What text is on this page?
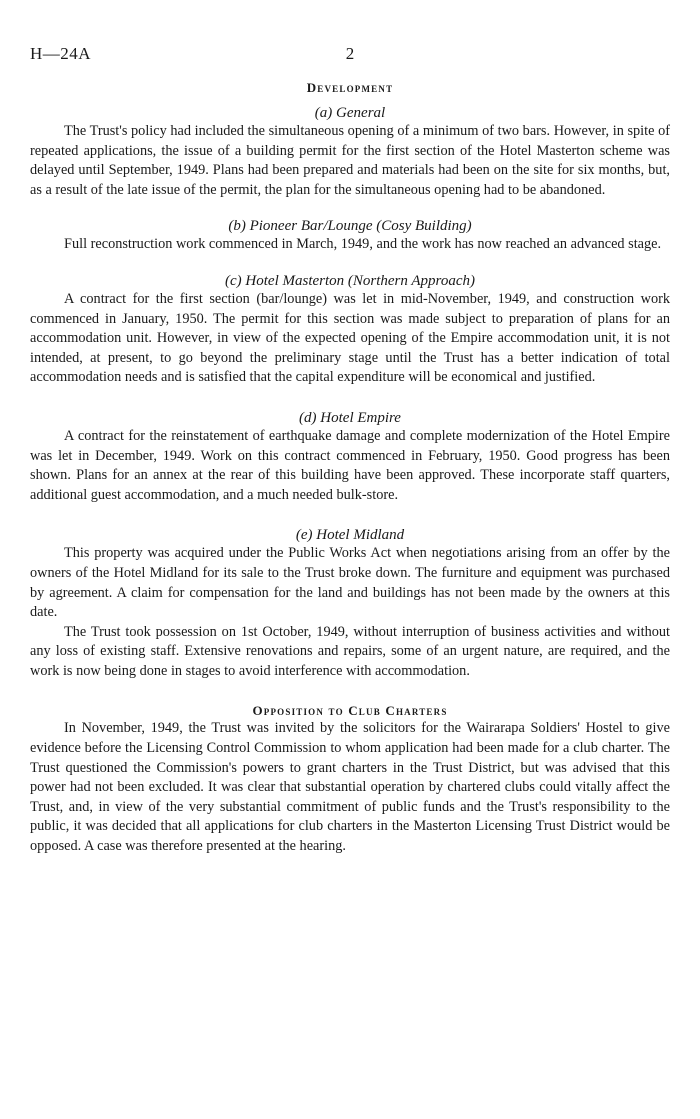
H—24A	2
Development
(a) General

The Trust's policy had included the simultaneous opening of a minimum of two bars. However, in spite of repeated applications, the issue of a building permit for the first section of the Hotel Masterton scheme was delayed until September, 1949. Plans had been prepared and materials had been on the site for six months, but, as a result of the late issue of the permit, the plan for the simultaneous opening had to be abandoned.

(b) Pioneer Bar/Lounge (Cosy Building)

Full reconstruction work commenced in March, 1949, and the work has now reached an advanced stage.

(c) Hotel Masterton (Northern Approach)

A contract for the first section (bar/lounge) was let in mid-November, 1949, and construction work commenced in January, 1950. The permit for this section was made subject to preparation of plans for an accommodation unit. However, in view of the expected opening of the Empire accommodation unit, it is not intended, at present, to go beyond the preliminary stage until the Trust has a better indication of total accommodation needs and is satisfied that the capital expenditure will be economical and justified.

(d) Hotel Empire

A contract for the reinstatement of earthquake damage and complete modernization of the Hotel Empire was let in December, 1949. Work on this contract commenced in February, 1950. Good progress has been shown. Plans for an annex at the rear of this building have been approved. These incorporate staff quarters, additional guest accommodation, and a much needed bulk-store.

(e) Hotel Midland

This property was acquired under the Public Works Act when negotiations arising from an offer by the owners of the Hotel Midland for its sale to the Trust broke down. The furniture and equipment was purchased by agreement. A claim for compensation for the land and buildings has not been made by the owners at this date.

The Trust took possession on 1st October, 1949, without interruption of business activities and without any loss of existing staff. Extensive renovations and repairs, some of an urgent nature, are required, and the work is now being done in stages to avoid interference with accommodation.

Opposition to Club Charters

In November, 1949, the Trust was invited by the solicitors for the Wairarapa Soldiers' Hostel to give evidence before the Licensing Control Commission to whom application had been made for a club charter. The Trust questioned the Commission's powers to grant charters in the Trust District, but was advised that this power had not been excluded. It was clear that substantial operation by chartered clubs could vitally affect the Trust, and, in view of the very substantial commitment of public funds and the Trust's responsibility to the public, it was decided that all applications for club charters in the Masterton Licensing Trust District would be opposed. A case was therefore presented at the hearing.
